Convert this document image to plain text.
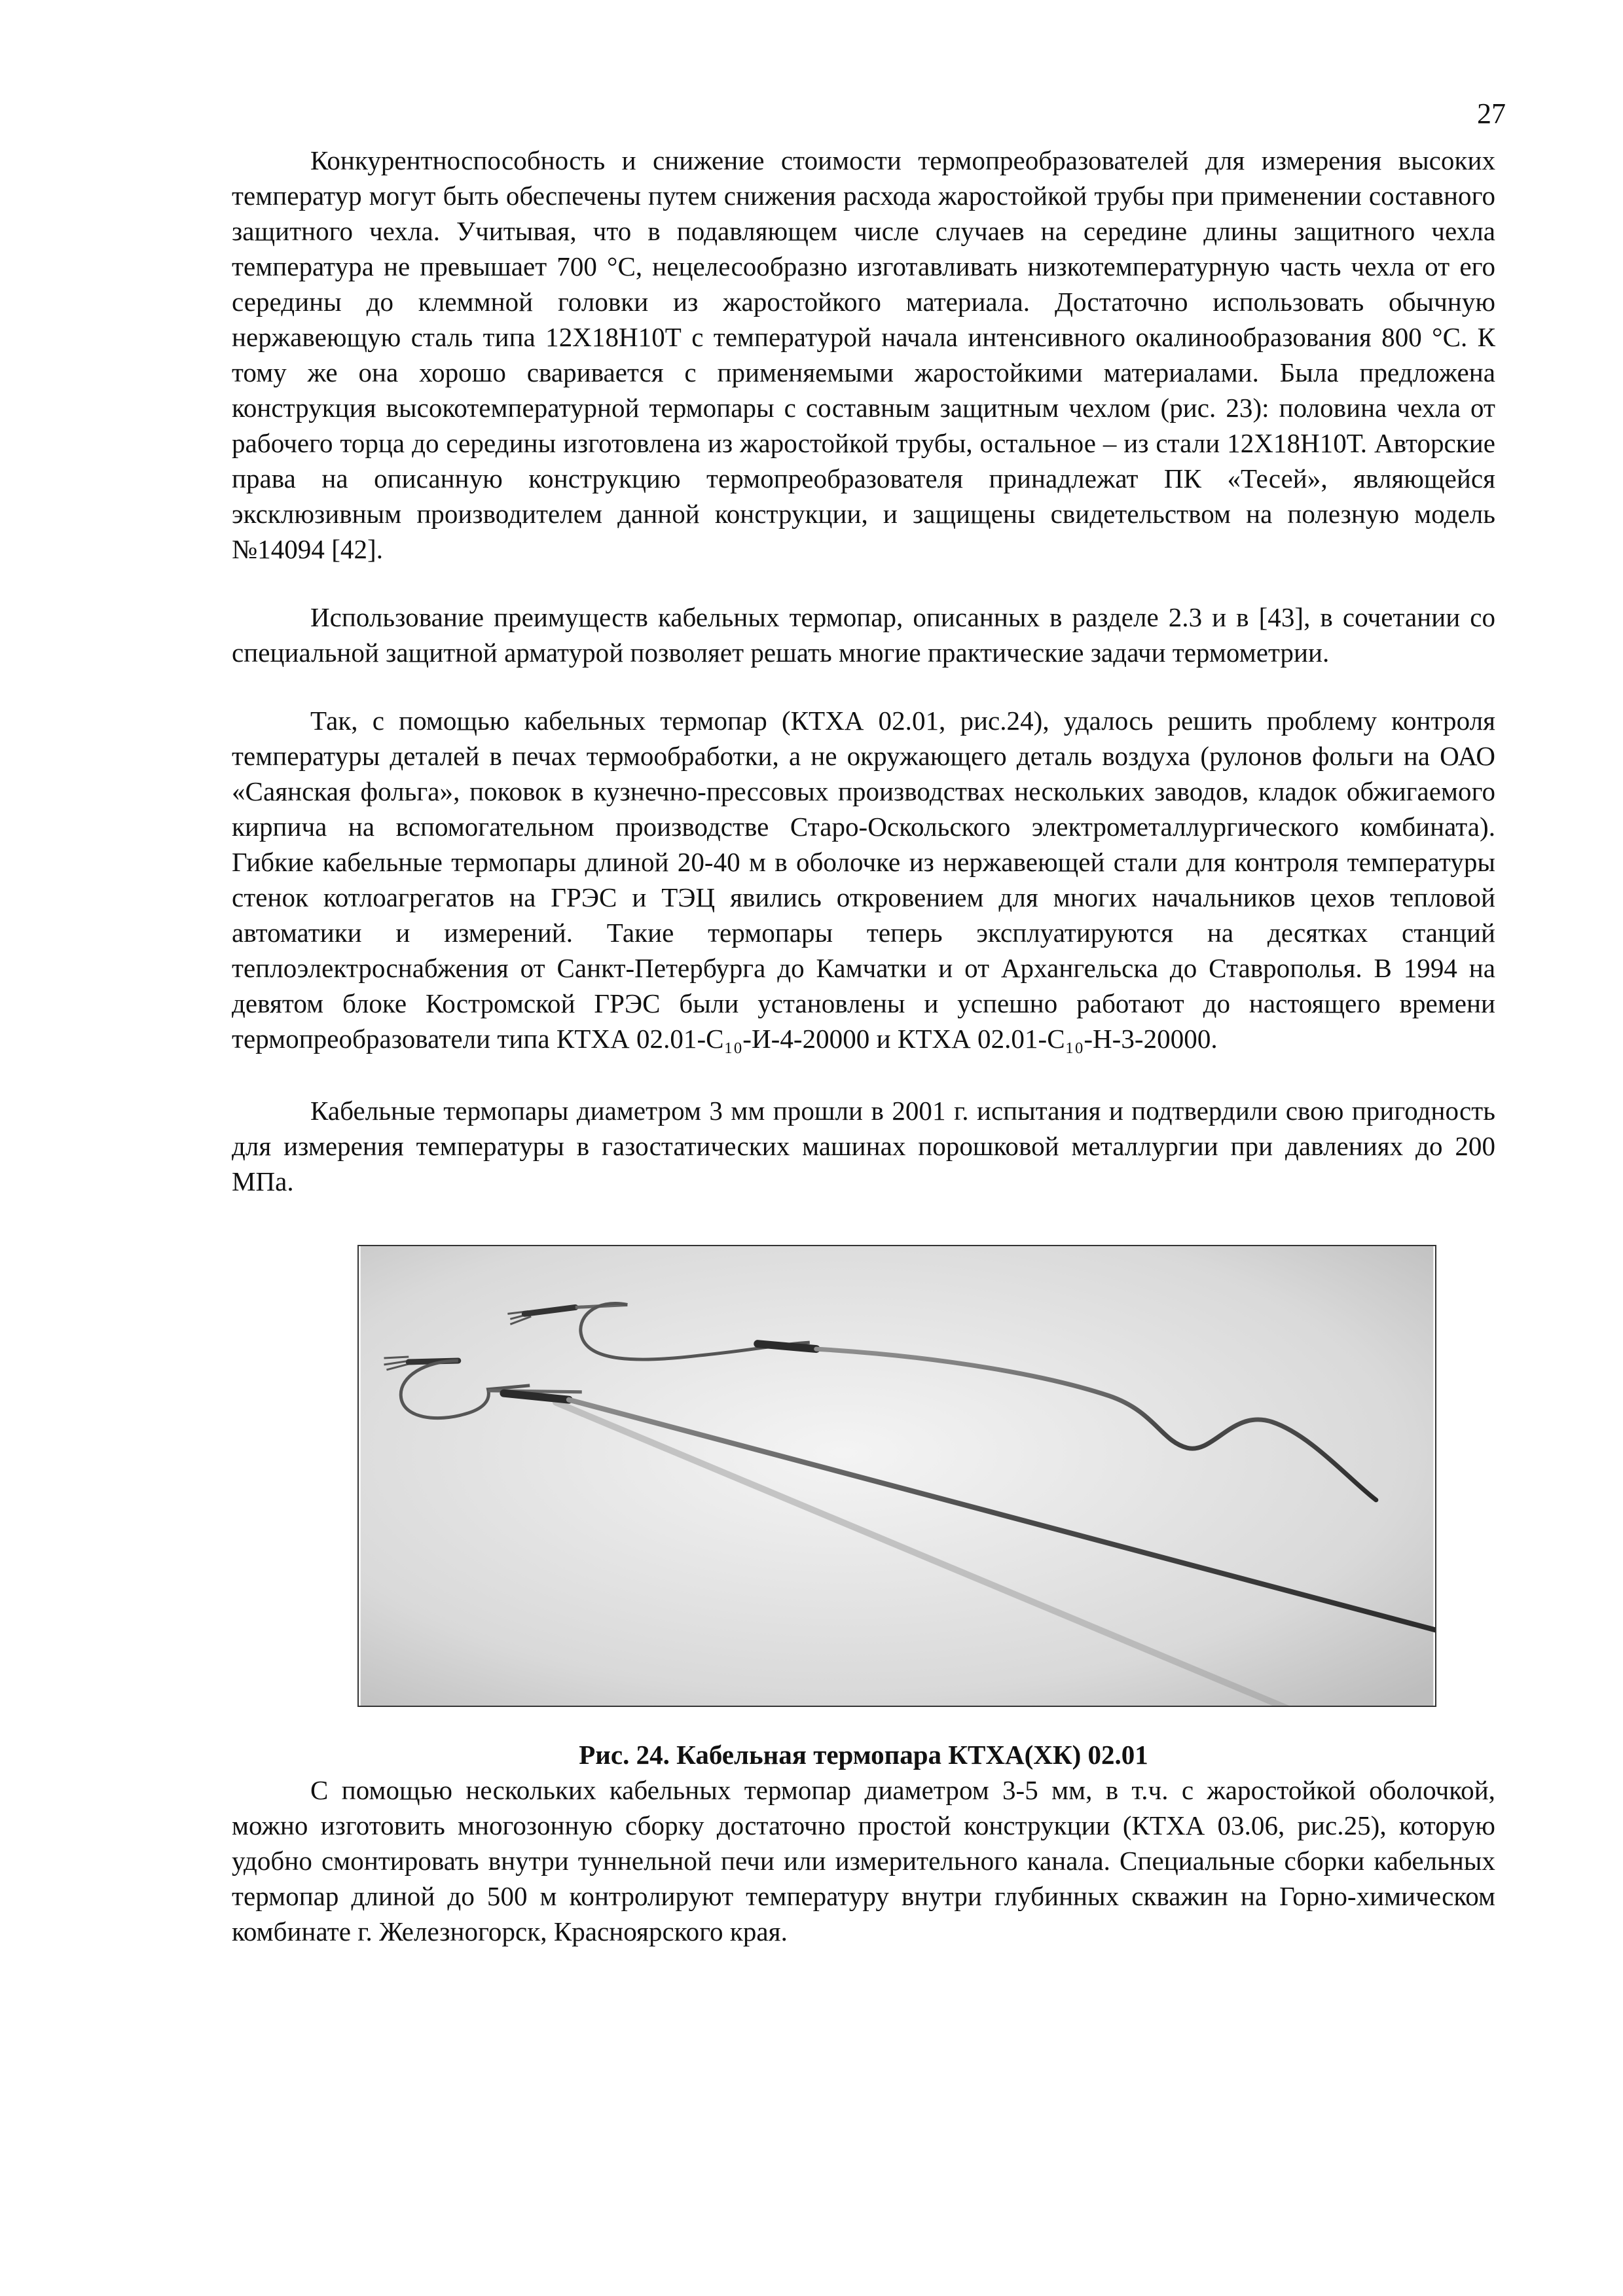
27

Конкурентноспособность и снижение стоимости термопреобразователей для измерения высоких температур могут быть обеспечены путем снижения расхода жаростойкой трубы при применении составного защитного чехла. Учитывая, что в подавляющем числе случаев на середине длины защитного чехла температура не превышает 700 °С, нецелесообразно изготавливать низкотемпературную часть чехла от его середины до клеммной головки из жаростойкого материала. Достаточно использовать обычную нержавеющую сталь типа 12Х18Н10Т с температурой начала интенсивного окалинообразования 800 °С. К тому же она хорошо сваривается с применяемыми жаростойкими материалами. Была предложена конструкция высокотемпературной термопары с составным защитным чехлом (рис. 23): половина чехла от рабочего торца до середины изготовлена из жаростойкой трубы, остальное – из стали 12Х18Н10Т. Авторские права на описанную конструкцию термопреобразователя принадлежат ПК «Тесей», являющейся эксклюзивным производителем данной конструкции, и защищены свидетельством на полезную модель №14094 [42].

Использование преимуществ кабельных термопар, описанных в разделе 2.3 и в [43], в сочетании со специальной защитной арматурой позволяет решать многие практические задачи термометрии.

Так, с помощью кабельных термопар (КТХА 02.01, рис.24), удалось решить проблему контроля температуры деталей в печах термообработки, а не окружающего деталь воздуха (рулонов фольги на ОАО «Саянская фольга», поковок в кузнечно-прессовых производствах нескольких заводов, кладок обжигаемого кирпича на вспомогательном производстве Старо-Оскольского электрометаллургического комбината). Гибкие кабельные термопары длиной 20-40 м в оболочке из нержавеющей стали для контроля температуры стенок котлоагрегатов на ГРЭС и ТЭЦ явились откровением для многих начальников цехов тепловой автоматики и измерений. Такие термопары теперь эксплуатируются на десятках станций теплоэлектроснабжения от Санкт-Петербурга до Камчатки и от Архангельска до Ставрополья. В 1994 на девятом блоке Костромской ГРЭС были установлены и успешно работают до настоящего времени термопреобразователи типа КТХА 02.01-С₁₀-И-4-20000 и КТХА 02.01-С₁₀-Н-3-20000.

Кабельные термопары диаметром 3 мм прошли в 2001 г. испытания и подтвердили свою пригодность для измерения температуры в газостатических машинах порошковой металлургии при давлениях до 200 МПа.

Рис. 24. Кабельная термопара КТХА(ХК) 02.01

С помощью нескольких кабельных термопар диаметром 3-5 мм, в т.ч. с жаростойкой оболочкой, можно изготовить многозонную сборку достаточно простой конструкции (КТХА 03.06, рис.25), которую удобно смонтировать внутри туннельной печи или измерительного канала. Специальные сборки кабельных термопар длиной до 500 м контролируют температуру внутри глубинных скважин на Горно-химическом комбинате г. Железногорск, Красноярского края.
